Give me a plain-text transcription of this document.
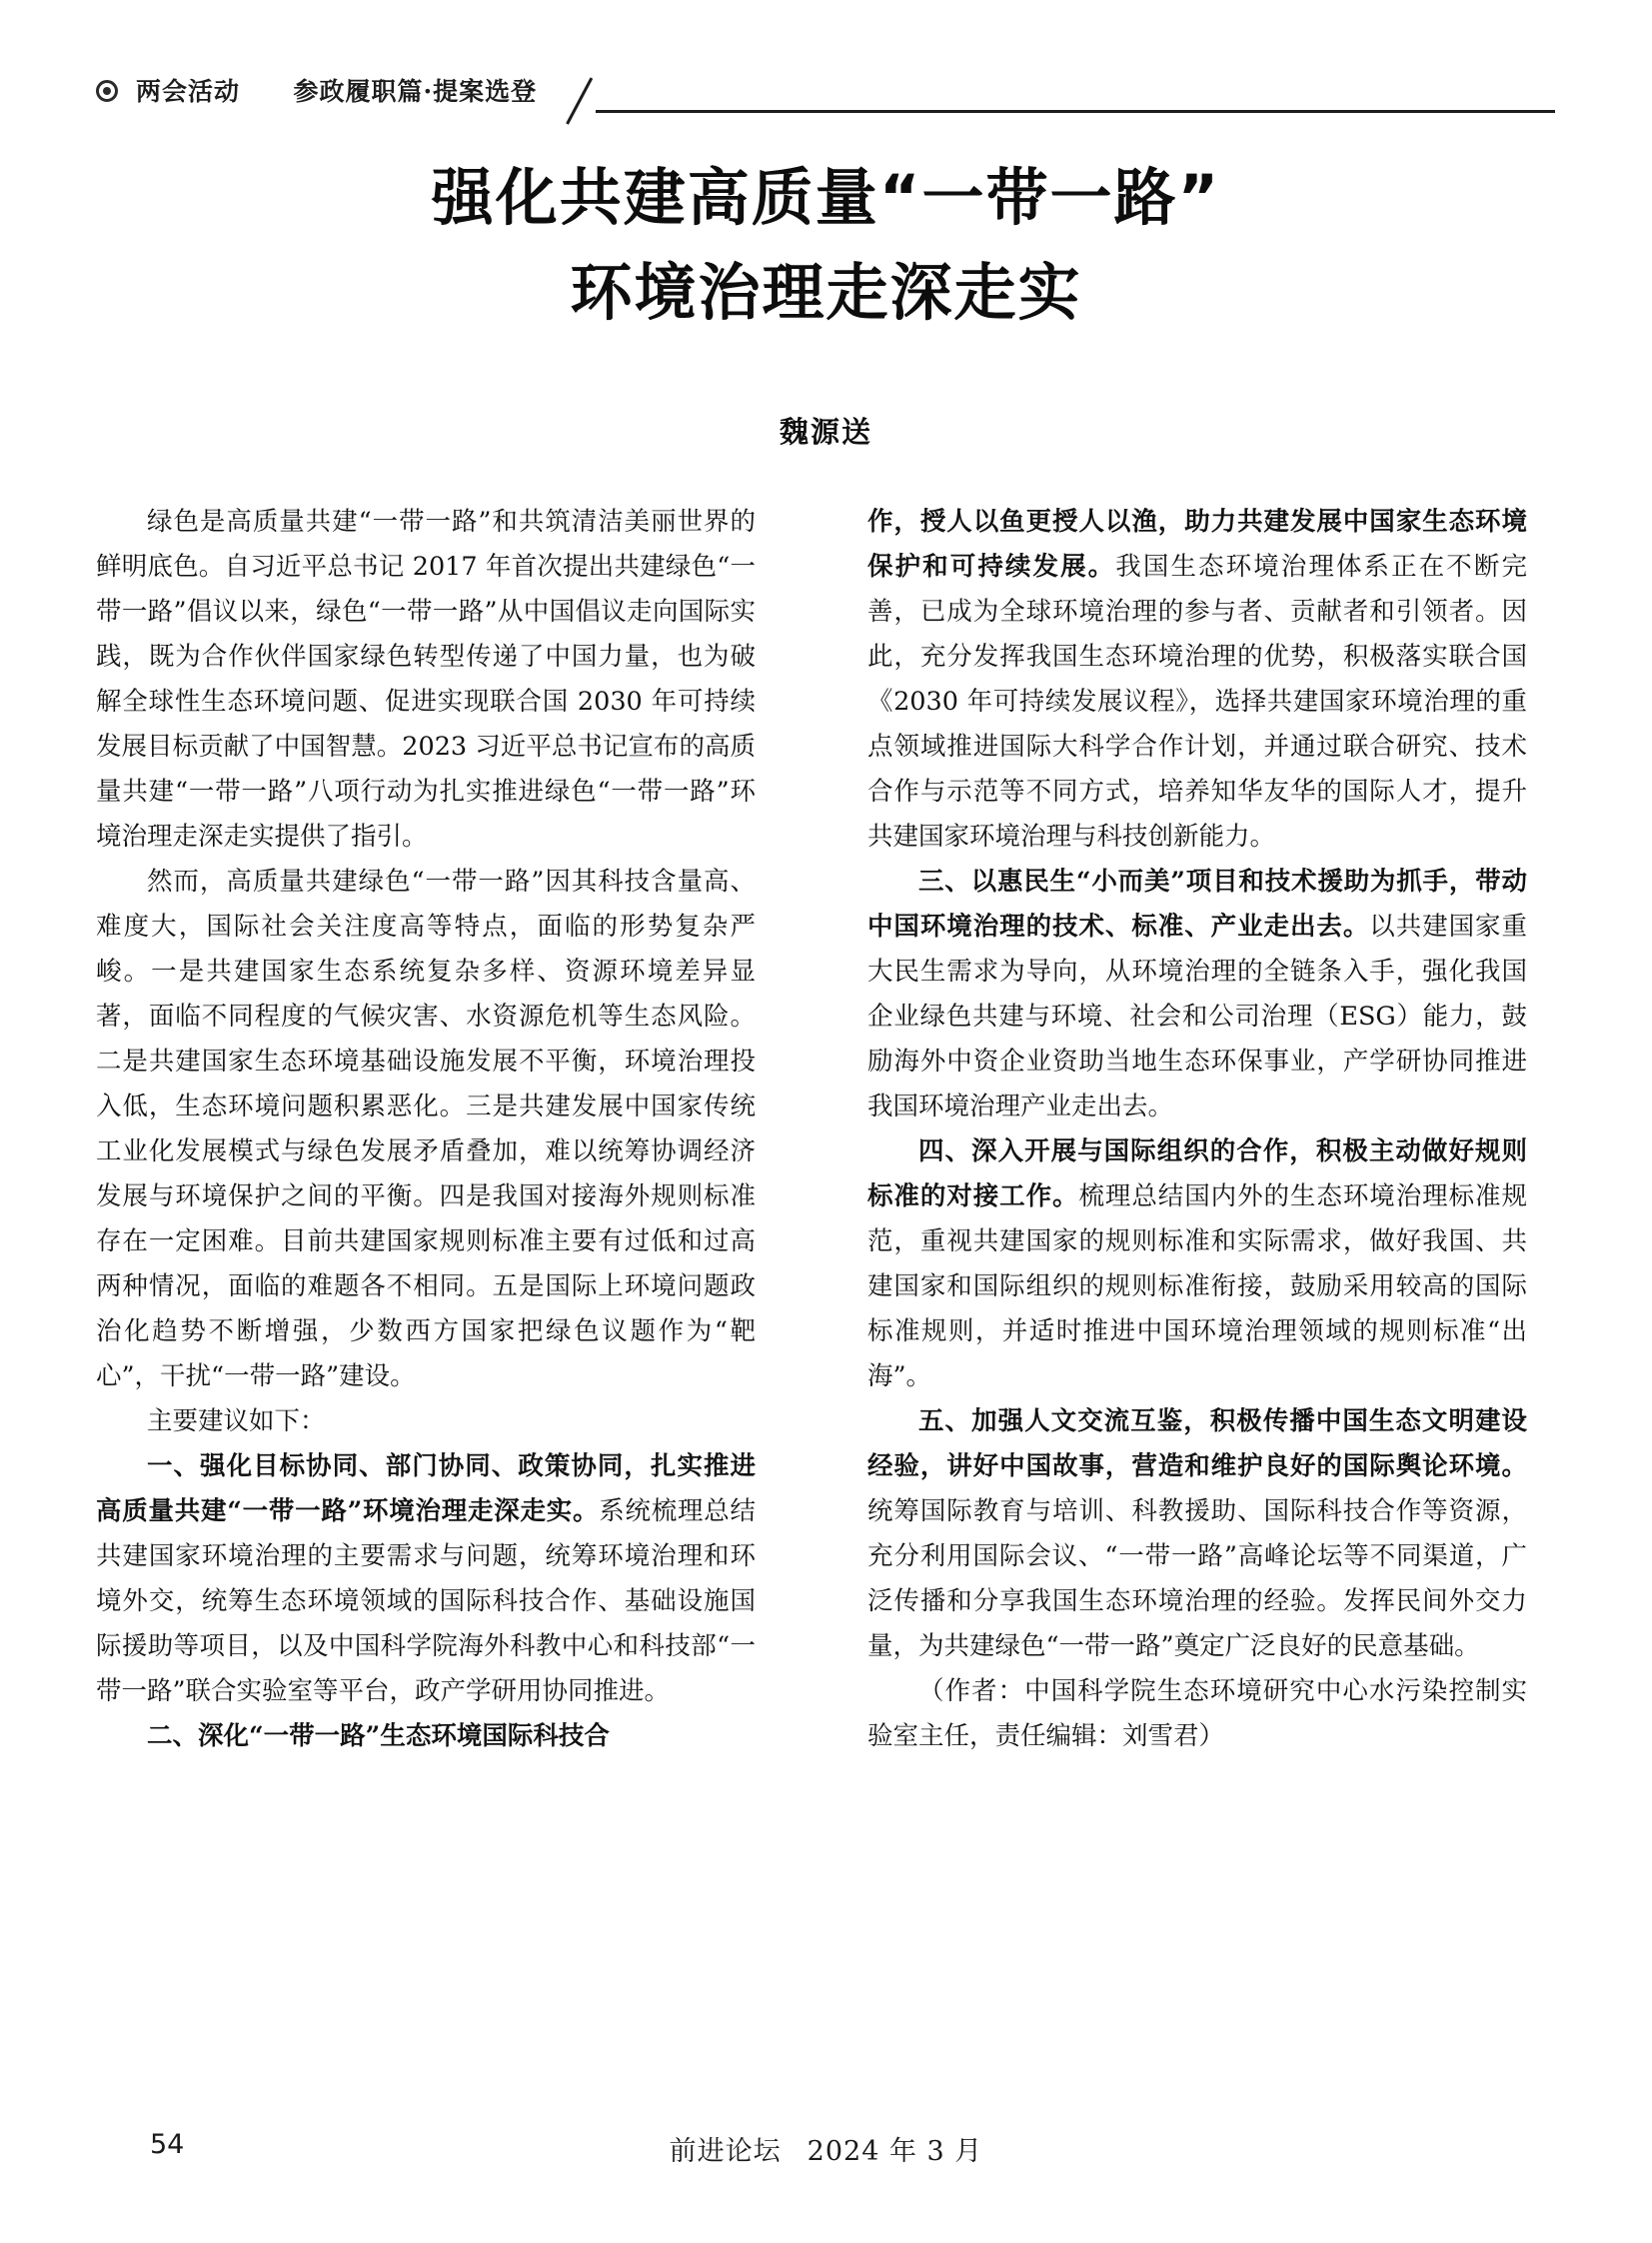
两会活动 参政履职篇·提案选登
强化共建高质量“一带一路”
环境治理走深走实
魏源送

绿色是高质量共建“一带一路”和共筑清洁美丽世界的鲜明底色。自习近平总书记 2017 年首次提出共建绿色“一带一路”倡议以来，绿色“一带一路”从中国倡议走向国际实践，既为合作伙伴国家绿色转型传递了中国力量，也为破解全球性生态环境问题、促进实现联合国 2030 年可持续发展目标贡献了中国智慧。2023 习近平总书记宣布的高质量共建“一带一路”八项行动为扎实推进绿色“一带一路”环境治理走深走实提供了指引。

然而，高质量共建绿色“一带一路”因其科技含量高、难度大，国际社会关注度高等特点，面临的形势复杂严峻。一是共建国家生态系统复杂多样、资源环境差异显著，面临不同程度的气候灾害、水资源危机等生态风险。二是共建国家生态环境基础设施发展不平衡，环境治理投入低，生态环境问题积累恶化。三是共建发展中国家传统工业化发展模式与绿色发展矛盾叠加，难以统筹协调经济发展与环境保护之间的平衡。四是我国对接海外规则标准存在一定困难。目前共建国家规则标准主要有过低和过高两种情况，面临的难题各不相同。五是国际上环境问题政治化趋势不断增强，少数西方国家把绿色议题作为“靶心”，干扰“一带一路”建设。

主要建议如下：

一、强化目标协同、部门协同、政策协同，扎实推进高质量共建“一带一路”环境治理走深走实。系统梳理总结共建国家环境治理的主要需求与问题，统筹环境治理和环境外交，统筹生态环境领域的国际科技合作、基础设施国际援助等项目，以及中国科学院海外科教中心和科技部“一带一路”联合实验室等平台，政产学研用协同推进。

二、深化“一带一路”生态环境国际科技合

作，授人以鱼更授人以渔，助力共建发展中国家生态环境保护和可持续发展。我国生态环境治理体系正在不断完善，已成为全球环境治理的参与者、贡献者和引领者。因此，充分发挥我国生态环境治理的优势，积极落实联合国《2030 年可持续发展议程》，选择共建国家环境治理的重点领域推进国际大科学合作计划，并通过联合研究、技术合作与示范等不同方式，培养知华友华的国际人才，提升共建国家环境治理与科技创新能力。

三、以惠民生“小而美”项目和技术援助为抓手，带动中国环境治理的技术、标准、产业走出去。以共建国家重大民生需求为导向，从环境治理的全链条入手，强化我国企业绿色共建与环境、社会和公司治理（ESG）能力，鼓励海外中资企业资助当地生态环保事业，产学研协同推进我国环境治理产业走出去。

四、深入开展与国际组织的合作，积极主动做好规则标准的对接工作。梳理总结国内外的生态环境治理标准规范，重视共建国家的规则标准和实际需求，做好我国、共建国家和国际组织的规则标准衔接，鼓励采用较高的国际标准规则，并适时推进中国环境治理领域的规则标准“出海”。

五、加强人文交流互鉴，积极传播中国生态文明建设经验，讲好中国故事，营造和维护良好的国际舆论环境。统筹国际教育与培训、科教援助、国际科技合作等资源，充分利用国际会议、“一带一路”高峰论坛等不同渠道，广泛传播和分享我国生态环境治理的经验。发挥民间外交力量，为共建绿色“一带一路”奠定广泛良好的民意基础。

（作者：中国科学院生态环境研究中心水污染控制实验室主任，责任编辑：刘雪君）

54	前进论坛 2024 年 3 月
